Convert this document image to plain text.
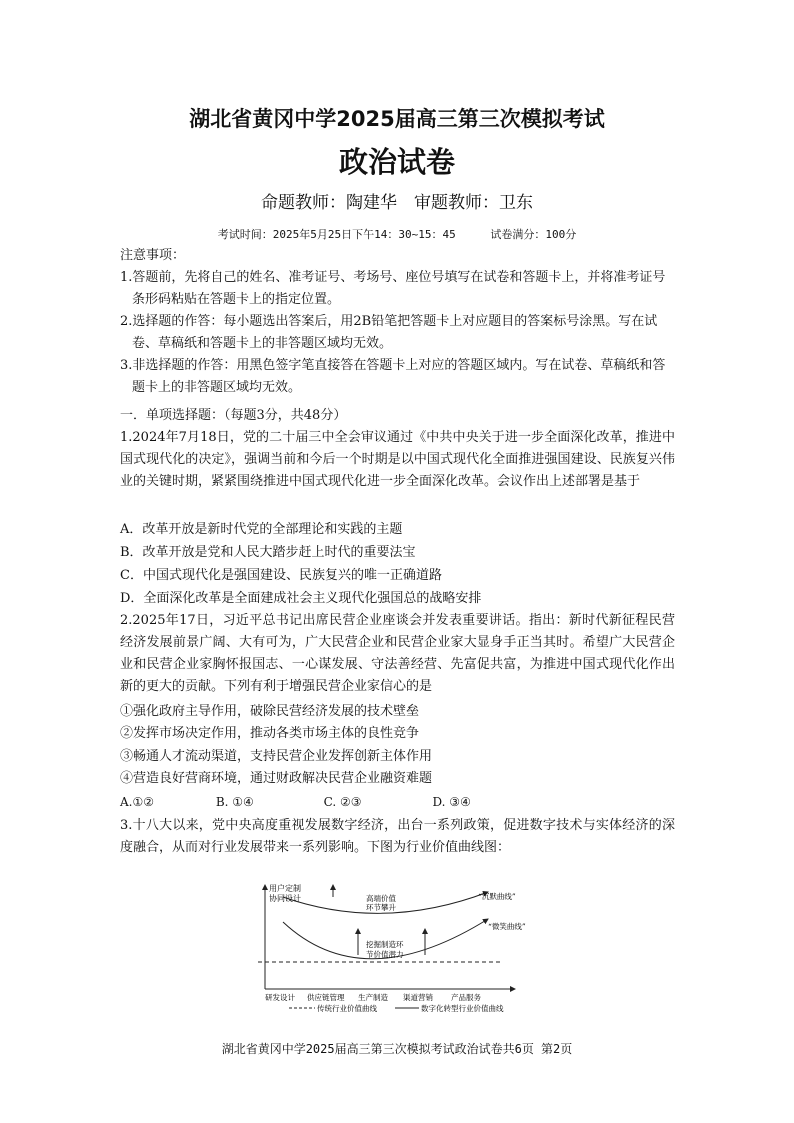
湖北省黄冈中学2025届高三第三次模拟考试
政治试卷
命题教师：陶建华　审题教师：卫东
考试时间：2025年5月25日下午14：30~15：45	试卷满分：100分
注意事项：
1.答题前，先将自己的姓名、准考证号、考场号、座位号填写在试卷和答题卡上，并将准考证号条形码粘贴在答题卡上的指定位置。
2.选择题的作答：每小题选出答案后，用2B铅笔把答题卡上对应题目的答案标号涂黑。写在试卷、草稿纸和答题卡上的非答题区域均无效。
3.非选择题的作答：用黑色签字笔直接答在答题卡上对应的答题区域内。写在试卷、草稿纸和答题卡上的非答题区域均无效。
一．单项选择题：（每题3分，共48分）
1.2024年7月18日，党的二十届三中全会审议通过《中共中央关于进一步全面深化改革，推进中国式现代化的决定》，强调当前和今后一个时期是以中国式现代化全面推进强国建设、民族复兴伟业的关键时期，紧紧围绕推进中国式现代化进一步全面深化改革。会议作出上述部署是基于
A．改革开放是新时代党的全部理论和实践的主题
B．改革开放是党和人民大踏步赶上时代的重要法宝
C．中国式现代化是强国建设、民族复兴的唯一正确道路
D．全面深化改革是全面建成社会主义现代化强国总的战略安排
2.2025年17日，习近平总书记出席民营企业座谈会并发表重要讲话。指出：新时代新征程民营经济发展前景广阔、大有可为，广大民营企业和民营企业家大显身手正当其时。希望广大民营企业和民营企业家胸怀报国志、一心谋发展、守法善经营、先富促共富，为推进中国式现代化作出新的更大的贡献。下列有利于增强民营企业家信心的是
①强化政府主导作用，破除民营经济发展的技术壁垒
②发挥市场决定作用，推动各类市场主体的良性竞争
③畅通人才流动渠道，支持民营企业发挥创新主体作用
④营造良好营商环境，通过财政解决民营企业融资难题
A.①②	B. ①④	C. ②③	D. ③④
3.十八大以来，党中央高度重视发展数字经济，出台一系列政策，促进数字技术与实体经济的深度融合，从而对行业发展带来一系列影响。下图为行业价值曲线图：
用户定制
协同设计	高端价值
环节攀升
“沉默曲线”
“微笑曲线”
挖掘制造环
节价值潜力
研发设计 供应链管理 生产制造 渠道营销 产品服务
传统行业价值曲线	数字化转型行业价值曲线
湖北省黄冈中学2025届高三第三次模拟考试政治试卷共6页 第2页
